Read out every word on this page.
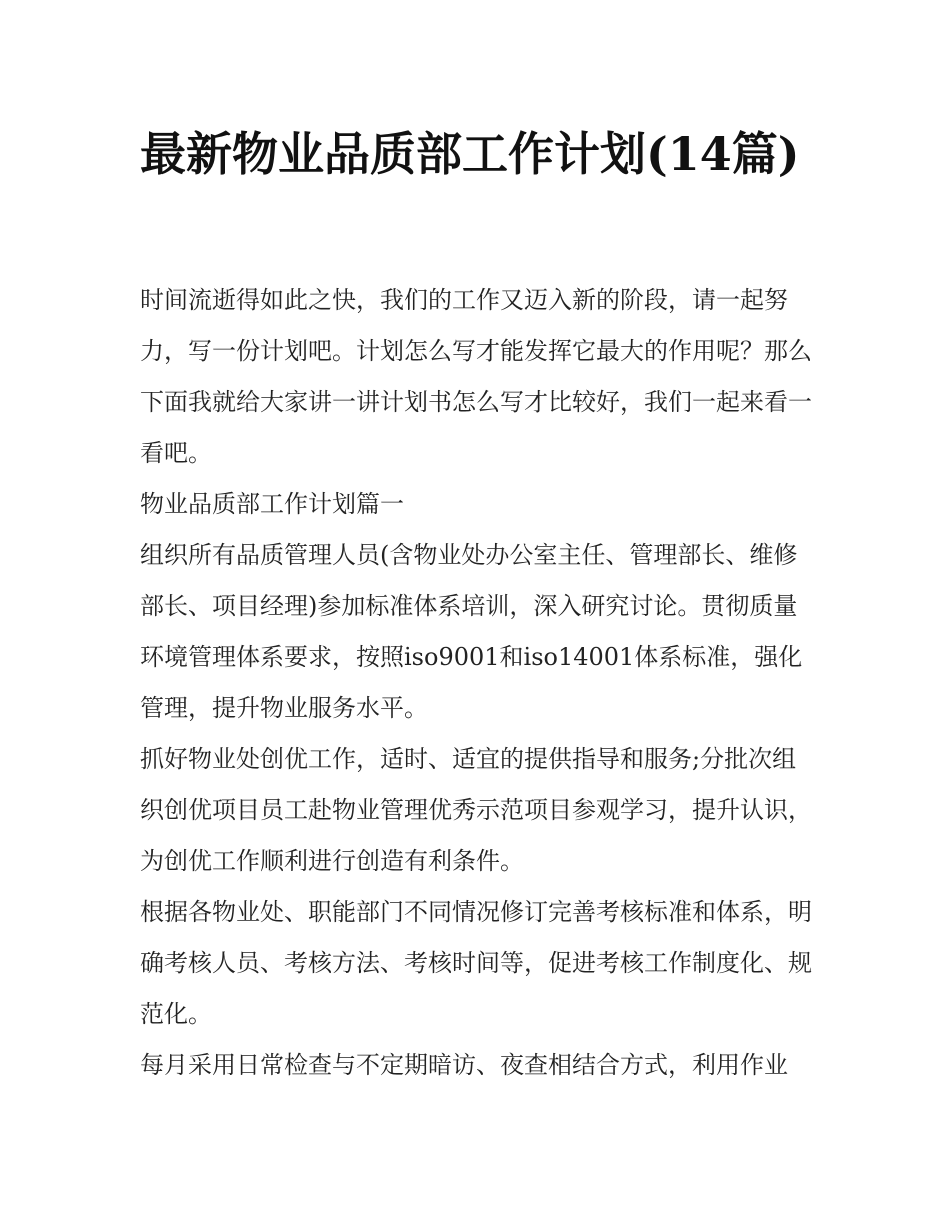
最新物业品质部工作计划(14篇)

时间流逝得如此之快，我们的工作又迈入新的阶段，请一起努力，写一份计划吧。计划怎么写才能发挥它最大的作用呢？那么下面我就给大家讲一讲计划书怎么写才比较好，我们一起来看一看吧。

物业品质部工作计划篇一

组织所有品质管理人员(含物业处办公室主任、管理部长、维修部长、项目经理)参加标准体系培训，深入研究讨论。贯彻质量环境管理体系要求，按照iso9001和iso14001体系标准，强化管理，提升物业服务水平。

抓好物业处创优工作，适时、适宜的提供指导和服务;分批次组织创优项目员工赴物业管理优秀示范项目参观学习，提升认识，为创优工作顺利进行创造有利条件。

根据各物业处、职能部门不同情况修订完善考核标准和体系，明确考核人员、考核方法、考核时间等，促进考核工作制度化、规范化。

每月采用日常检查与不定期暗访、夜查相结合方式，利用作业
